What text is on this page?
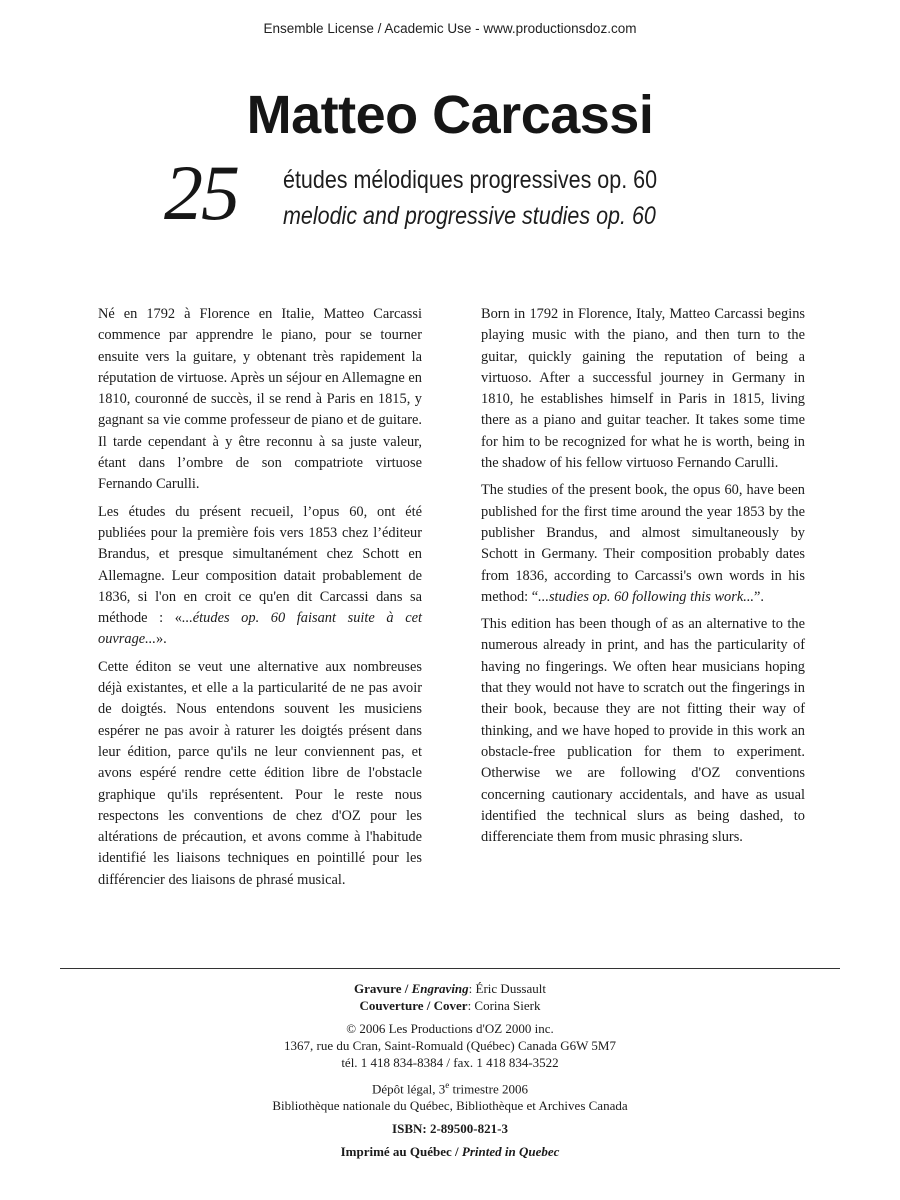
Ensemble License / Academic Use - www.productionsdoz.com
Matteo Carcassi
25 études mélodiques progressives op. 60
melodic and progressive studies op. 60

Né en 1792 à Florence en Italie, Matteo Carcassi commence par apprendre le piano, pour se tourner ensuite vers la guitare, y obtenant très rapidement la réputation de virtuose. Après un séjour en Allemagne en 1810, couronné de succès, il se rend à Paris en 1815, y gagnant sa vie comme professeur de piano et de guitare. Il tarde cependant à y être reconnu à sa juste valeur, étant dans l’ombre de son compatriote virtuose Fernando Carulli.

Les études du présent recueil, l’opus 60, ont été publiées pour la première fois vers 1853 chez l’éditeur Brandus, et presque simultanément chez Schott en Allemagne. Leur composition datait probablement de 1836, si l'on en croit ce qu'en dit Carcassi dans sa méthode : «...études op. 60 faisant suite à cet ouvrage...».

Cette éditon se veut une alternative aux nombreuses déjà existantes, et elle a la particularité de ne pas avoir de doigtés. Nous entendons souvent les musiciens espérer ne pas avoir à raturer les doigtés présent dans leur édition, parce qu'ils ne leur conviennent pas, et avons espéré rendre cette édition libre de l'obstacle graphique qu'ils représentent. Pour le reste nous respectons les conventions de chez d'OZ pour les altérations de précaution, et avons comme à l'habitude identifié les liaisons techniques en pointillé pour les différencier des liaisons de phrasé musical.

Born in 1792 in Florence, Italy, Matteo Carcassi begins playing music with the piano, and then turn to the guitar, quickly gaining the reputation of being a virtuoso. After a successful journey in Germany in 1810, he establishes himself in Paris in 1815, living there as a piano and guitar teacher. It takes some time for him to be recognized for what he is worth, being in the shadow of his fellow virtuoso Fernando Carulli.

The studies of the present book, the opus 60, have been published for the first time around the year 1853 by the publisher Brandus, and almost simultaneously by Schott in Germany. Their composition probably dates from 1836, according to Carcassi's own words in his method: “...studies op. 60 following this work...”.

This edition has been though of as an alternative to the numerous already in print, and has the particularity of having no fingerings. We often hear musicians hoping that they would not have to scratch out the fingerings in their book, because they are not fitting their way of thinking, and we have hoped to provide in this work an obstacle-free publication for them to experiment. Otherwise we are following d'OZ conventions concerning cautionary accidentals, and have as usual identified the technical slurs as being dashed, to differenciate them from music phrasing slurs.

Gravure / Engraving: Éric Dussault
Couverture / Cover: Corina Sierk
© 2006 Les Productions d'OZ 2000 inc.
1367, rue du Cran, Saint-Romuald (Québec) Canada G6W 5M7
tél. 1 418 834-8384 / fax. 1 418 834-3522
Dépôt légal, 3e trimestre 2006
Bibliothèque nationale du Québec, Bibliothèque et Archives Canada
ISBN: 2-89500-821-3
Imprimé au Québec / Printed in Quebec
